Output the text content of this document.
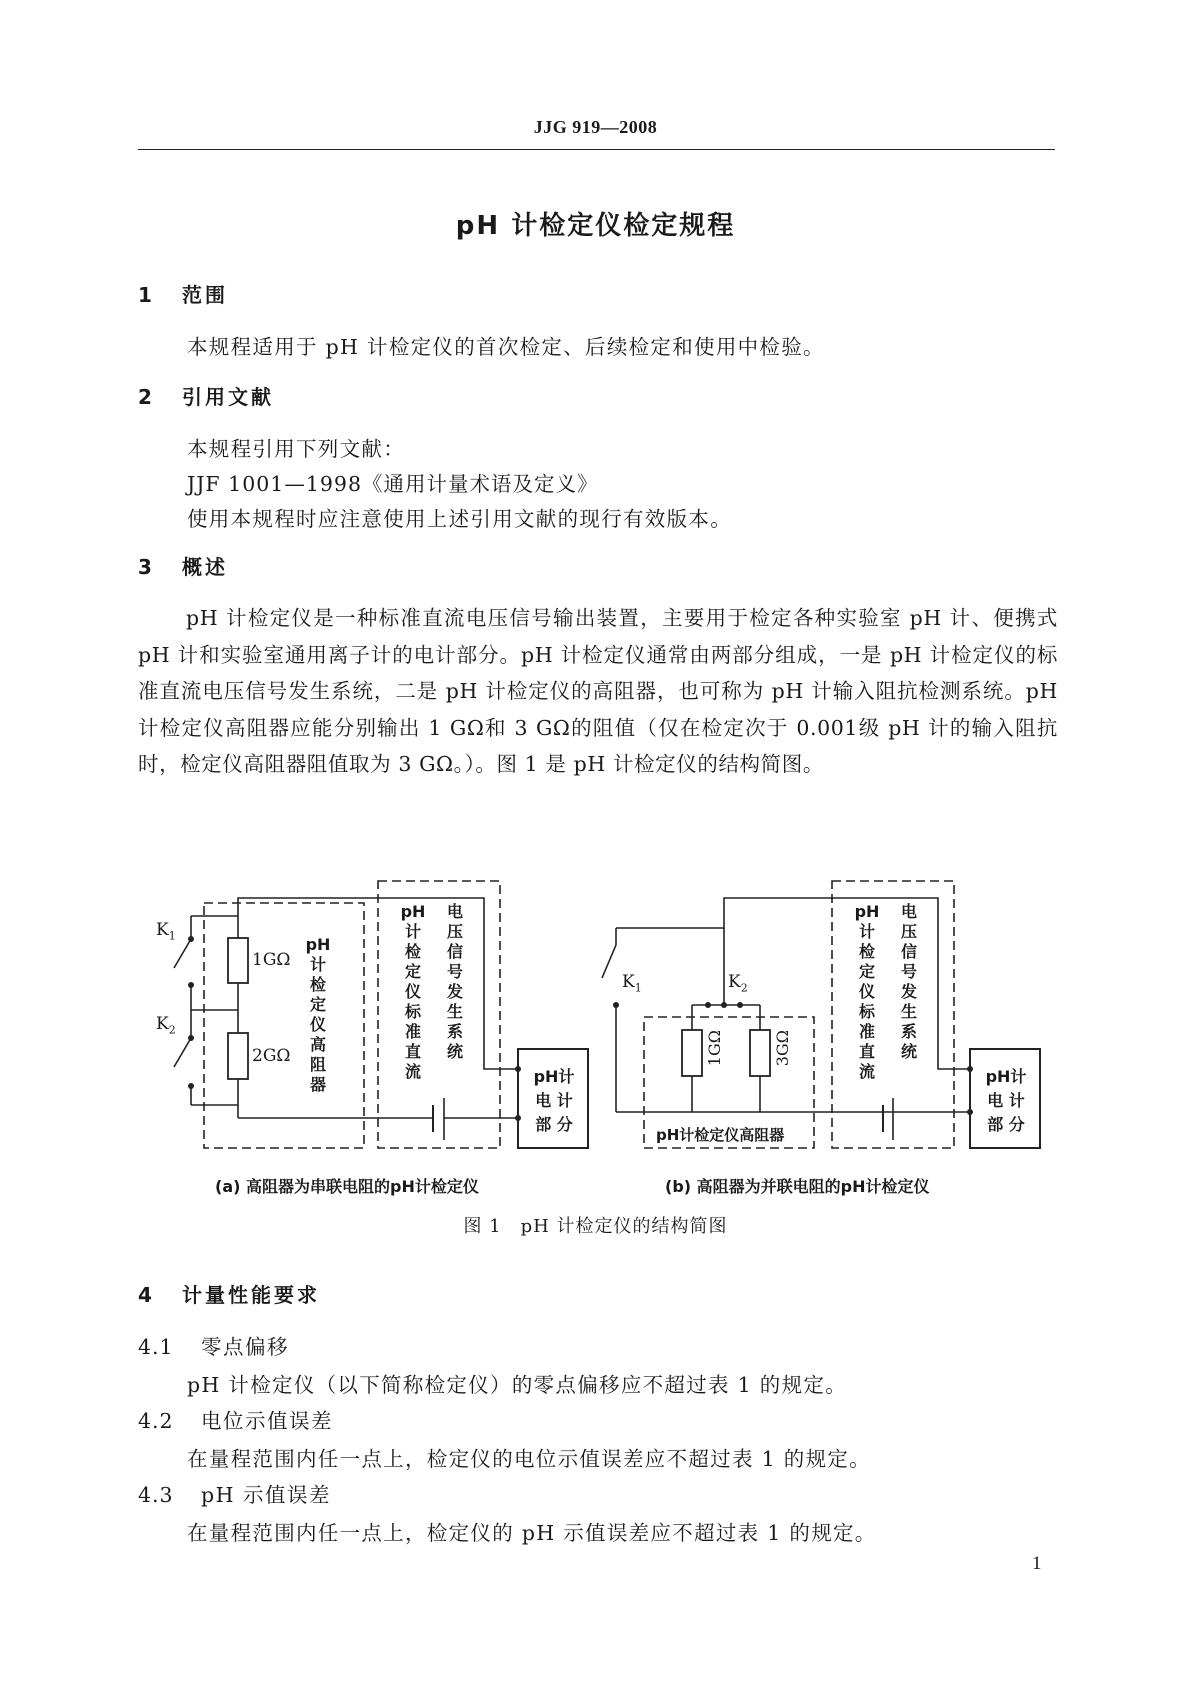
JJG 919—2008
pH 计检定仪检定规程
1 范围
本规程适用于 pH 计检定仪的首次检定、后续检定和使用中检验。
2 引用文献
本规程引用下列文献：
JJF 1001—1998《通用计量术语及定义》
使用本规程时应注意使用上述引用文献的现行有效版本。
3 概述
pH 计检定仪是一种标准直流电压信号输出装置，主要用于检定各种实验室 pH 计、便携式 pH 计和实验室通用离子计的电计部分。pH 计检定仪通常由两部分组成，一是 pH 计检定仪的标准直流电压信号发生系统，二是 pH 计检定仪的高阻器，也可称为 pH 计输入阻抗检测系统。pH 计检定仪高阻器应能分别输出 1 GΩ和 3 GΩ的阻值（仅在检定次于 0.001级 pH 计的输入阻抗时，检定仪高阻器阻值取为 3 GΩ。）。图 1 是 pH 计检定仪的结构简图。
$K_1$
$K_2$
1GΩ
2GΩ
pH
计
检
定
仪
高
阻
器
pH
计
检
定
仪
标
准
直
流
电
压
信
号
发
生
系
统
pH计
电 计
部 分
(a) 高阻器为串联电阻的pH计检定仪
$K_1$	$K_2$
1GΩ	3GΩ
pH计检定仪高阻器
pH
计
检
定
仪
标
准
直
流
电
压
信
号
发
生
系
统
pH计
电 计
部 分
(b) 高阻器为并联电阻的pH计检定仪
图 1　pH 计检定仪的结构简图
4 计量性能要求
4.1 零点偏移
pH 计检定仪（以下简称检定仪）的零点偏移应不超过表 1 的规定。
4.2 电位示值误差
在量程范围内任一点上，检定仪的电位示值误差应不超过表 1 的规定。
4.3 pH 示值误差
在量程范围内任一点上，检定仪的 pH 示值误差应不超过表 1 的规定。
1
